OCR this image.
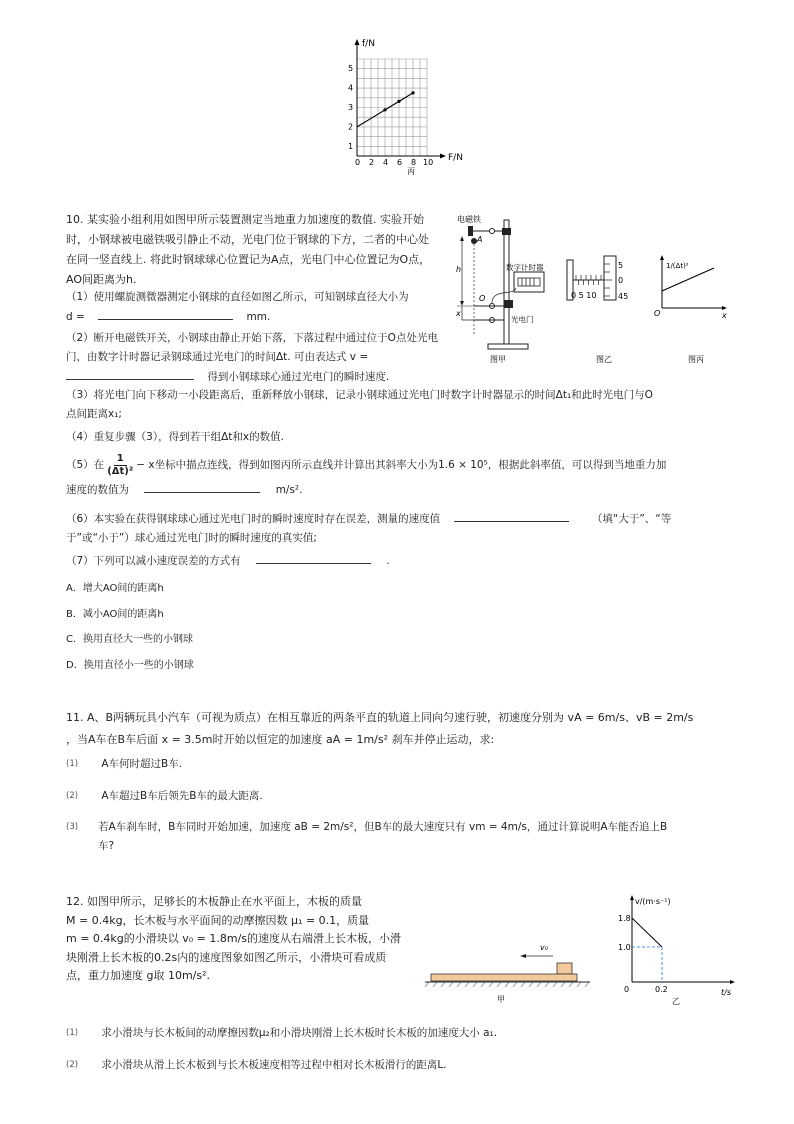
f/N
F/N
1
2
3
4
5
0 2 4 6 8 10
丙
10. 某实验小组利用如图甲所示装置测定当地重力加速度的数值. 实验开始时，小钢球被电磁铁吸引静止不动，光电门位于钢球的下方，二者的中心处在同一竖直线上. 将此时钢球球心位置记为A点，光电门中心位置记为O点，AO间距离为h.
（1）使用螺旋测微器测定小钢球的直径如图乙所示，可知钢球直径大小为
d =	mm.
（2）断开电磁铁开关，小钢球由静止开始下落，下落过程中通过位于O点处光电门，由数字计时器记录钢球通过光电门的时间Δt. 可由表达式 v =
得到小钢球球心通过光电门的瞬时速度.
（3）将光电门向下移动一小段距离后，重新释放小钢球，记录小钢球通过光电门时数字计时器显示的时间Δt₁和此时光电门与O
点间距离x₁;
（4）重复步骤（3），得到若干组Δt和x的数值.
（5）在
1
(Δt)²
− x坐标中描点连线，得到如图丙所示直线并计算出其斜率大小为1.6 × 10⁵，根据此斜率值，可以得到当地重力加
速度的数值为	m/s².
（6）本实验在获得钢球球心通过光电门时的瞬时速度时存在误差，测量的速度值	（填“大于”、“等
于”或“小于”）球心通过光电门时的瞬时速度的真实值;
（7）下列可以减小速度误差的方式有	.
A．增大AO间的距离h
B．减小AO间的距离h
C．换用直径大一些的小钢球
D．换用直径小一些的小钢球
电磁铁
A
h
x
O
光电门
数字计时器
图甲
5
0
45
0 5 10
图乙
1/(Δt)²
x
O
图丙
11. A、B两辆玩具小汽车（可视为质点）在相互靠近的两条平直的轨道上同向匀速行驶，初速度分别为 vA = 6m/s、vB = 2m/s
，当A车在B车后面 x = 3.5m时开始以恒定的加速度 aA = 1m/s² 刹车并停止运动，求:
(1) A车何时超过B车.
(2) A车超过B车后领先B车的最大距离.
(3)	若A车刹车时，B车同时开始加速，加速度 aB = 2m/s²，但B车的最大速度只有 vm = 4m/s，通过计算说明A车能否追上B
车?
12. 如图甲所示，足够长的木板静止在水平面上，木板的质量
M = 0.4kg，长木板与水平面间的动摩擦因数 μ₁ = 0.1，质量
m = 0.4kg的小滑块以 v₀ = 1.8m/s的速度从右端滑上长木板，小滑
块刚滑上长木板的0.2s内的速度图象如图乙所示，小滑块可看成质
点，重力加速度 g取 10m/s².
v₀
甲
v/(m·s⁻¹)
t/s
1.8
1.0
0	0.2
乙
(1) 求小滑块与长木板间的动摩擦因数μ₂和小滑块刚滑上长木板时长木板的加速度大小 a₁.
(2) 求小滑块从滑上长木板到与长木板速度相等过程中相对长木板滑行的距离L.
